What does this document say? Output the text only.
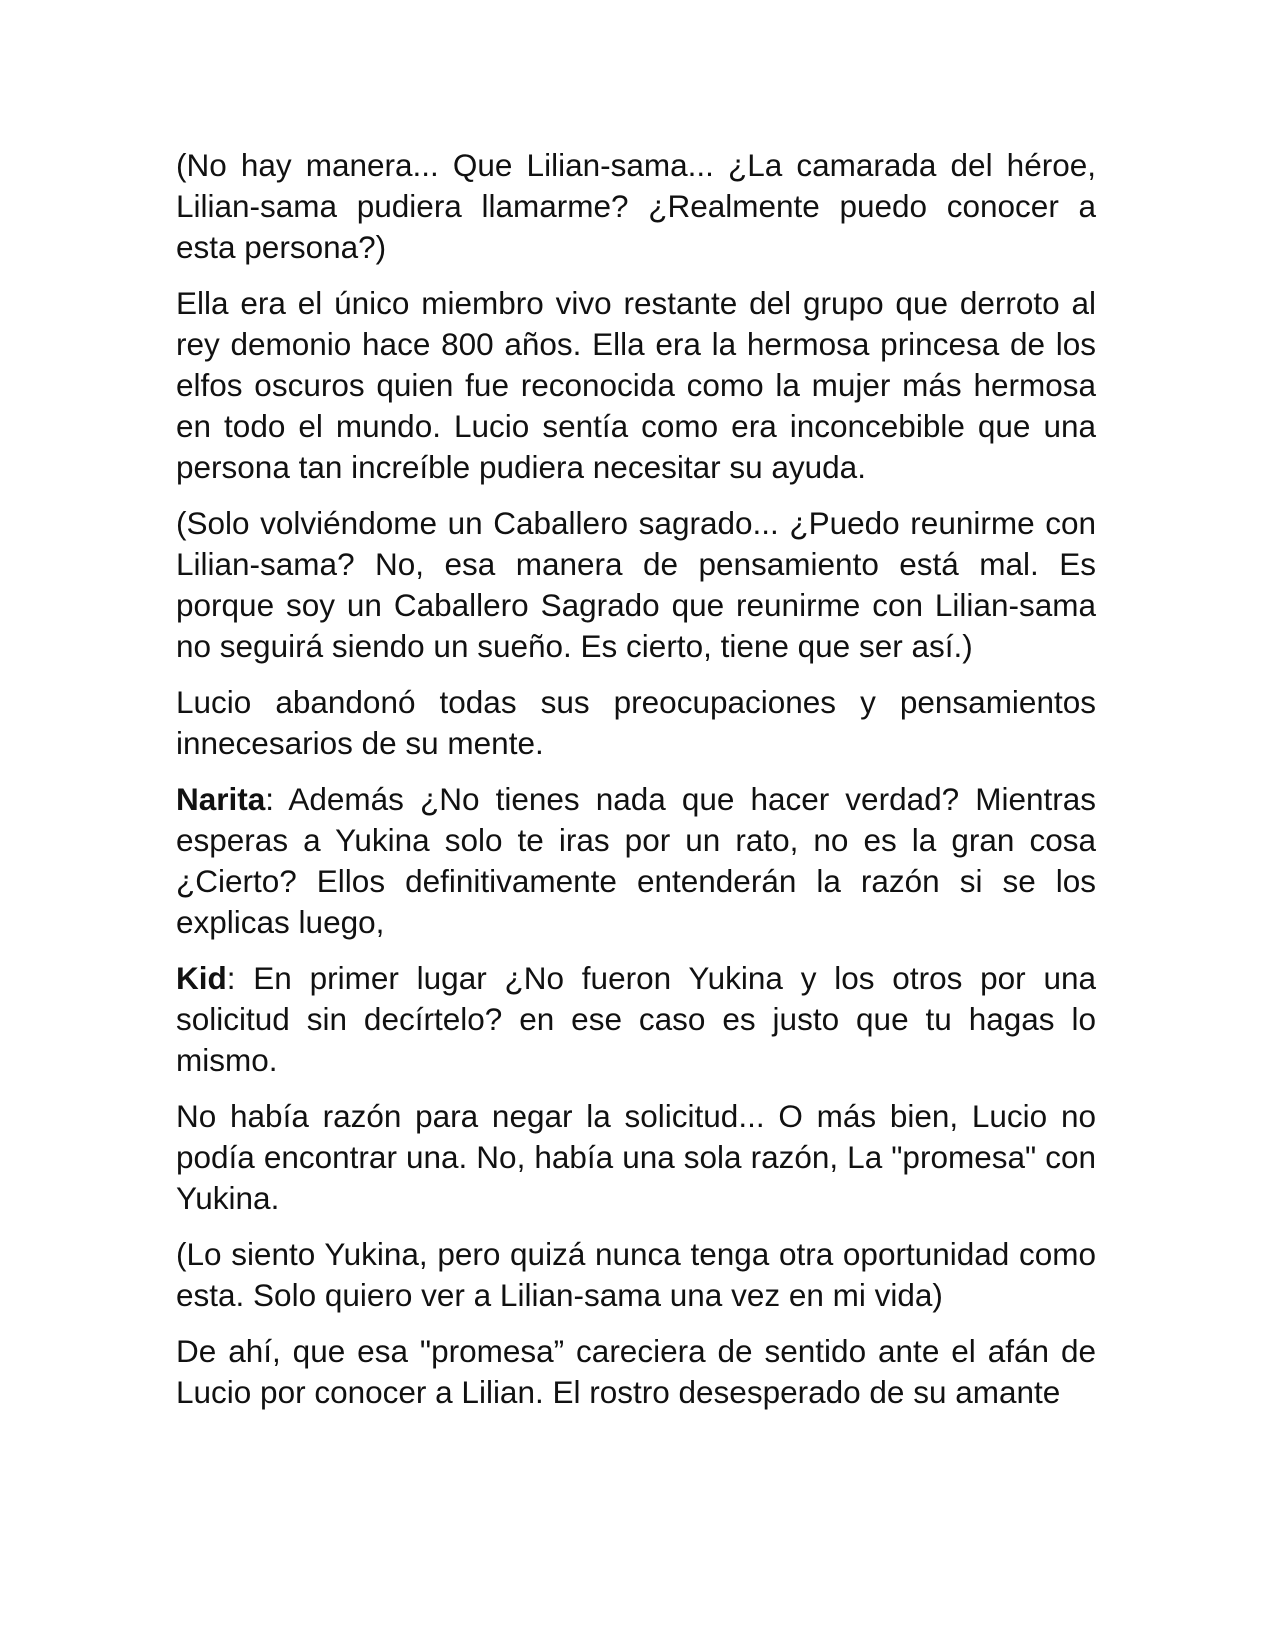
(No hay manera... Que Lilian-sama... ¿La camarada del héroe, Lilian-sama pudiera llamarme? ¿Realmente puedo conocer a esta persona?)

Ella era el único miembro vivo restante del grupo que derroto al rey demonio hace 800 años. Ella era la hermosa princesa de los elfos oscuros quien fue reconocida como la mujer más hermosa en todo el mundo. Lucio sentía como era inconcebible que una persona tan increíble pudiera necesitar su ayuda.

(Solo volviéndome un Caballero sagrado... ¿Puedo reunirme con Lilian-sama? No, esa manera de pensamiento está mal. Es porque soy un Caballero Sagrado que reunirme con Lilian-sama no seguirá siendo un sueño. Es cierto, tiene que ser así.)

Lucio abandonó todas sus preocupaciones y pensamientos innecesarios de su mente.

Narita: Además ¿No tienes nada que hacer verdad? Mientras esperas a Yukina solo te iras por un rato, no es la gran cosa ¿Cierto? Ellos definitivamente entenderán la razón si se los explicas luego,

Kid: En primer lugar ¿No fueron Yukina y los otros por una solicitud sin decírtelo? en ese caso es justo que tu hagas lo mismo.

No había razón para negar la solicitud... O más bien, Lucio no podía encontrar una. No, había una sola razón, La "promesa" con Yukina.

(Lo siento Yukina, pero quizá nunca tenga otra oportunidad como esta. Solo quiero ver a Lilian-sama una vez en mi vida)

De ahí, que esa "promesa” careciera de sentido ante el afán de Lucio por conocer a Lilian. El rostro desesperado de su amante
